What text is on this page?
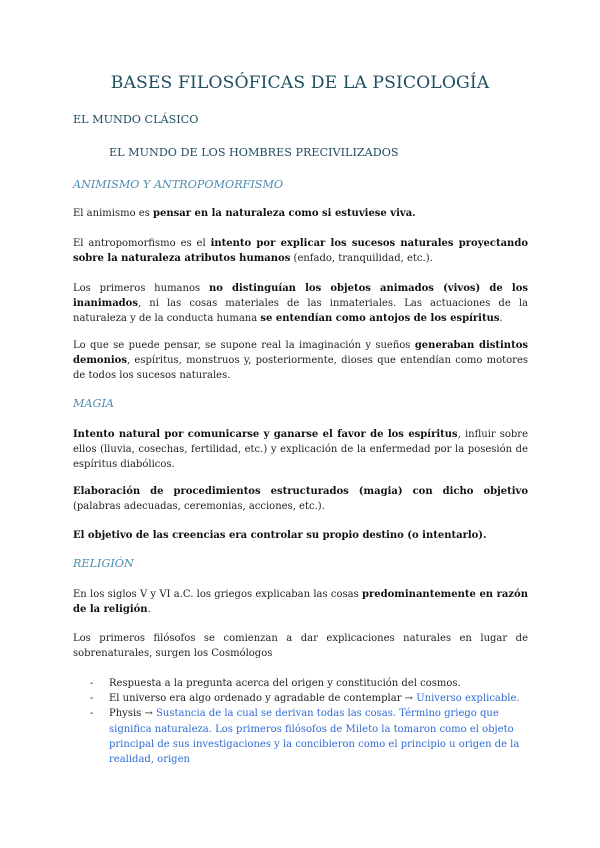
BASES FILOSÓFICAS DE LA PSICOLOGÍA
EL MUNDO CLÁSICO
EL MUNDO DE LOS HOMBRES PRECIVILIZADOS
ANIMISMO Y ANTROPOMORFISMO

El animismo es pensar en la naturaleza como si estuviese viva.

El antropomorfismo es el intento por explicar los sucesos naturales proyectando sobre la naturaleza atributos humanos (enfado, tranquilidad, etc.).

Los primeros humanos no distinguían los objetos animados (vivos) de los inanimados, ni las cosas materiales de las inmateriales. Las actuaciones de la naturaleza y de la conducta humana se entendían como antojos de los espíritus.

Lo que se puede pensar, se supone real la imaginación y sueños generaban distintos demonios, espíritus, monstruos y, posteriormente, dioses que entendían como motores de todos los sucesos naturales.

MAGIA

Intento natural por comunicarse y ganarse el favor de los espíritus, influir sobre ellos (lluvia, cosechas, fertilidad, etc.) y explicación de la enfermedad por la posesión de espíritus diabólicos.

Elaboración de procedimientos estructurados (magia) con dicho objetivo (palabras adecuadas, ceremonias, acciones, etc.).

El objetivo de las creencias era controlar su propio destino (o intentarlo).

RELIGIÓN

En los siglos V y VI a.C. los griegos explicaban las cosas predominantemente en razón de la religión.

Los primeros filósofos se comienzan a dar explicaciones naturales en lugar de sobrenaturales, surgen los Cosmólogos

- Respuesta a la pregunta acerca del origen y constitución del cosmos.
- El universo era algo ordenado y agradable de contemplar → Universo explicable.
- Physis → Sustancia de la cual se derivan todas las cosas. Término griego que significa naturaleza. Los primeros filósofos de Mileto la tomaron como el objeto principal de sus investigaciones y la concibieron como el principio u origen de la realidad, origen
